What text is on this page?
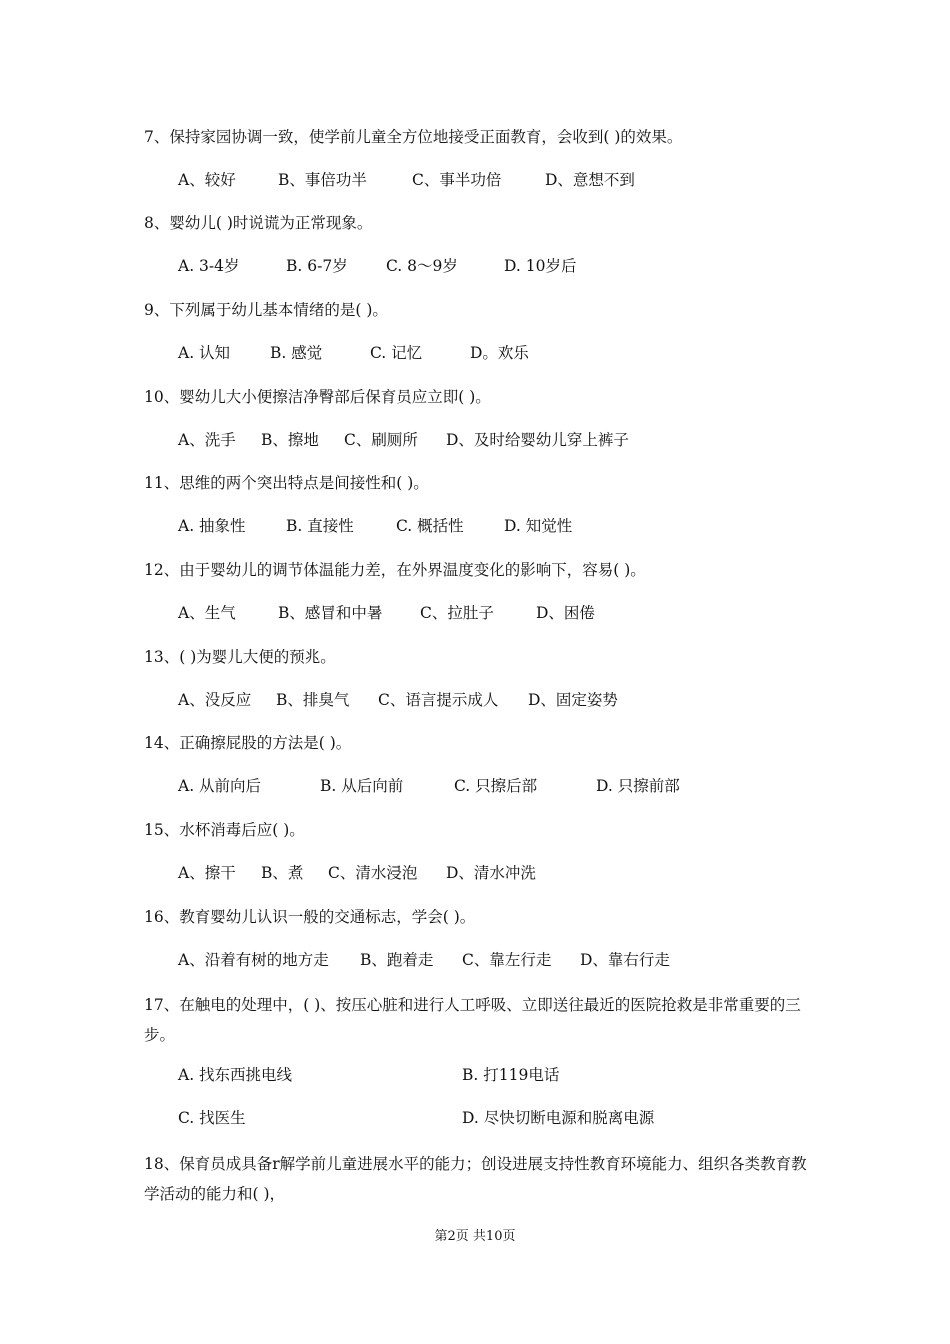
7、保持家园协调一致，使学前儿童全方位地接受正面教育，会收到( )的效果。
A、较好	B、事倍功半	C、事半功倍	D、意想不到
8、婴幼儿( )时说谎为正常现象。
A. 3-4岁	B. 6-7岁 C. 8～9岁	D. 10岁后
9、下列属于幼儿基本情绪的是( )。
A. 认知	B. 感觉	C. 记忆	D。欢乐
10、婴幼儿大小便擦洁净臀部后保育员应立即( )。
A、洗手 B、擦地 C、刷厕所 D、及时给婴幼儿穿上裤子
11、思维的两个突出特点是间接性和( )。
A. 抽象性	B. 直接性	C. 概括性	D. 知觉性
12、由于婴幼儿的调节体温能力差，在外界温度变化的影响下，容易( )。
A、生气	B、感冒和中暑 C、拉肚子	D、困倦
13、( )为婴儿大便的预兆。
A、没反应 B、排臭气 C、语言提示成人 D、固定姿势
14、正确擦屁股的方法是( )。
A. 从前向后	B. 从后向前	C. 只擦后部	D. 只擦前部
15、水杯消毒后应( )。
A、擦干 B、煮 C、清水浸泡 D、清水冲洗
16、教育婴幼儿认识一般的交通标志，学会( )。
A、沿着有树的地方走 B、跑着走 C、靠左行走 D、靠右行走
17、在触电的处理中，( )、按压心脏和进行人工呼吸、立即送往最近的医院抢救是非常重要的三步。
A. 找东西挑电线	B. 打119电话
C. 找医生	D. 尽快切断电源和脱离电源
18、保育员成具备r解学前儿童进展水平的能力；创设进展支持性教育环境能力、组织各类教育教学活动的能力和( )，
第2页 共10页
